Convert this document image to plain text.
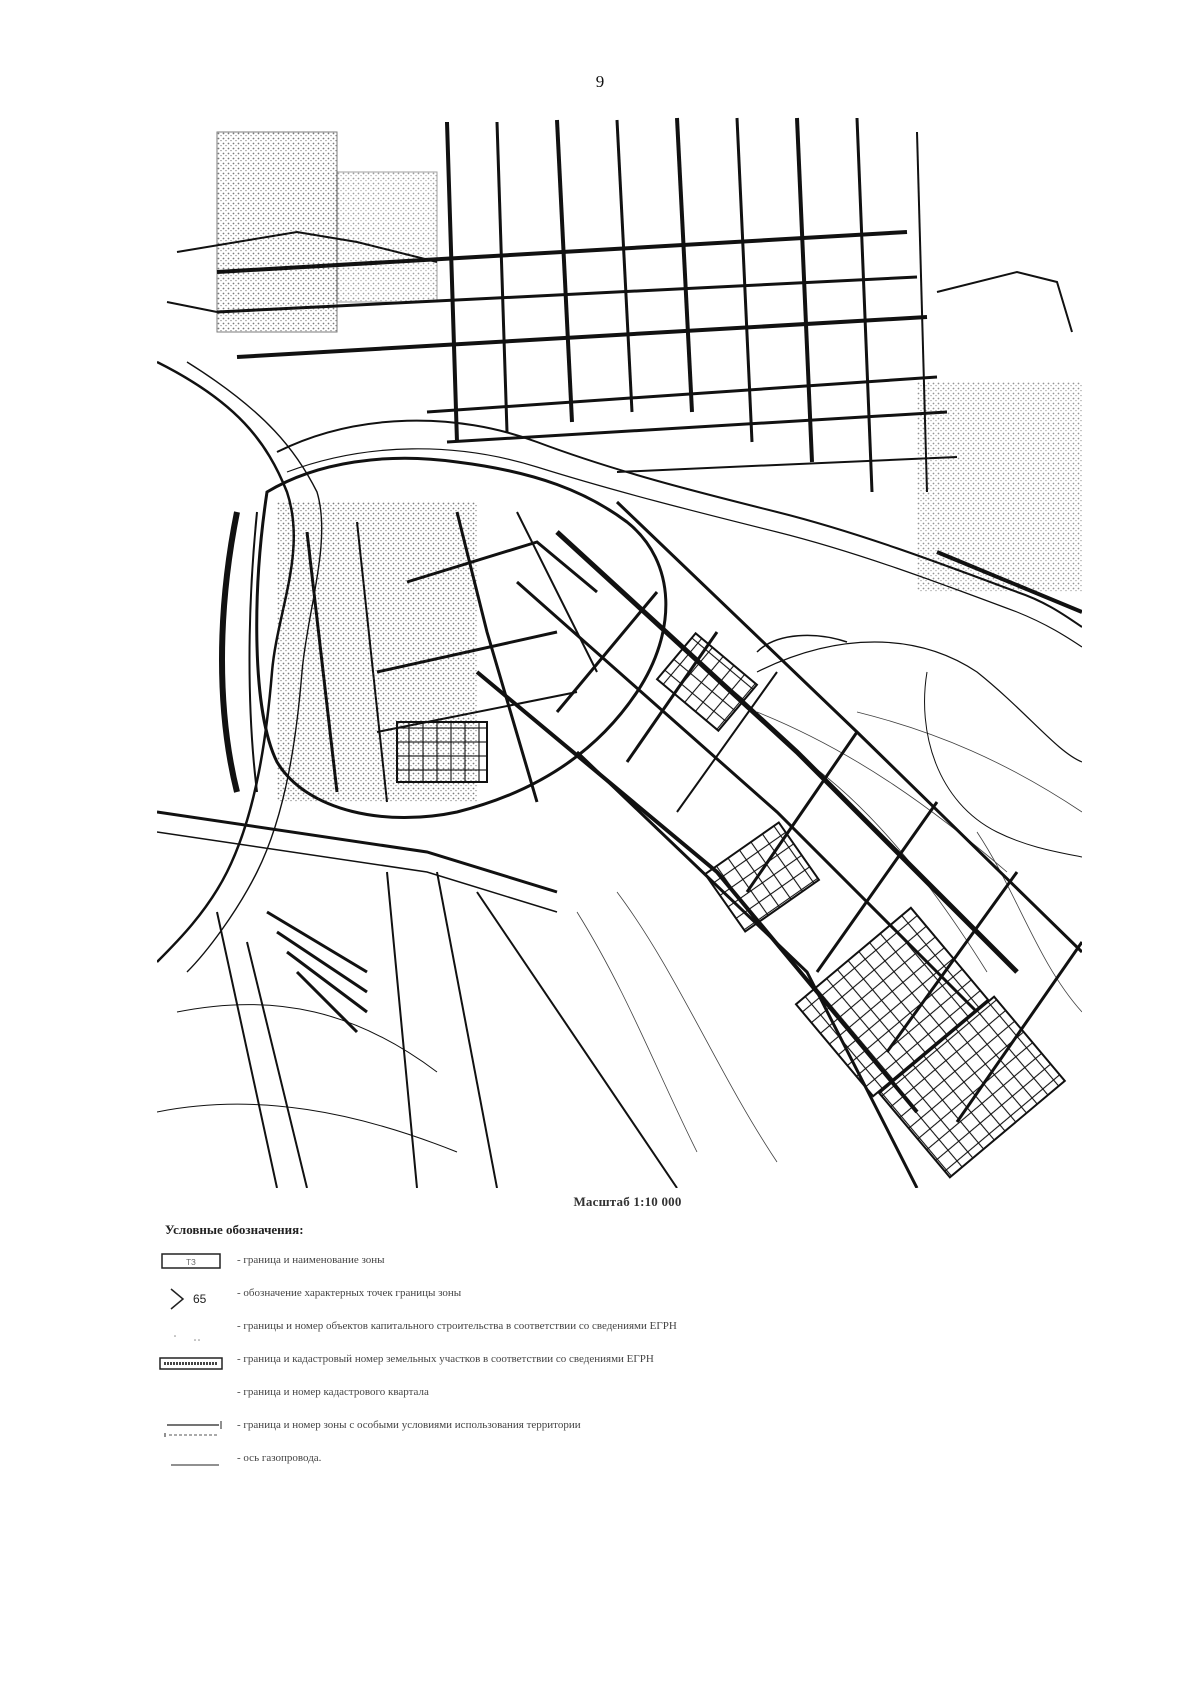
9
Масштаб 1:10 000
Условные обозначения:
ТЗ	- граница и наименование зоны
65	- обозначение характерных точек границы зоны
- границы и номер объектов капитального строительства в соответствии со сведениями ЕГРН
- граница и кадастровый номер земельных участков в соответствии со сведениями ЕГРН
- граница и номер кадастрового квартала
- граница и номер зоны с особыми условиями использования территории
- ось газопровода.
